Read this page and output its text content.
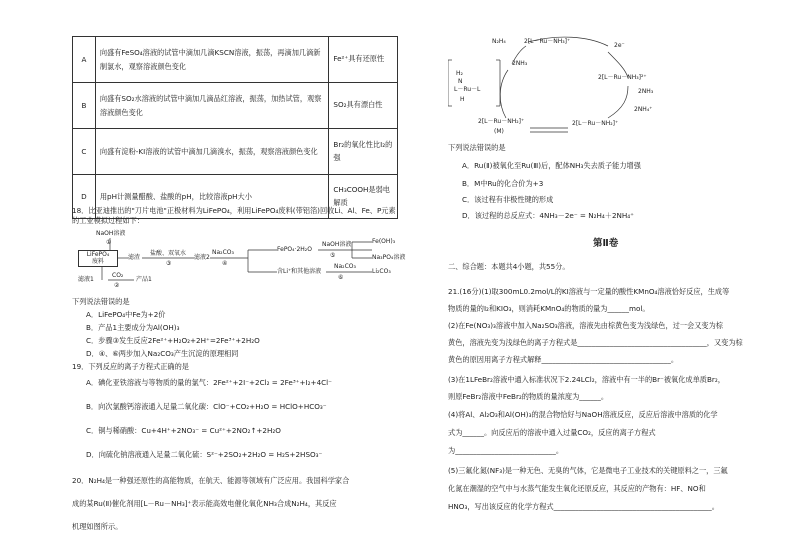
A	向盛有FeSO₄溶液的试管中滴加几滴KSCN溶液，振荡，再滴加几滴新制氯水，观察溶液颜色变化	Fe²⁺具有还原性
B	向盛有SO₂水溶液的试管中滴加几滴品红溶液，振荡，加热试管，观察溶液颜色变化	SO₂具有漂白性
C	向盛有淀粉-KI溶液的试管中滴加几滴溴水，振荡，观察溶液颜色变化	Br₂的氧化性比I₂的强
D	用pH计测量醋酸、盐酸的pH，比较溶液pH大小	CH₃COOH是弱电解质
18．比亚迪推出的"刀片电池"正极材料为LiFePO₄，利用LiFePO₄废料(带铝箔)回收Li、Al、Fe、P元素的工业模拟过程如下：
NaOH溶液
①
LiFePO₄
废料
滤渣
盐酸、双氧水
③
滤液2
Na₂CO₃
④
FePO₄·2H₂O
NaOH溶液
⑤
Fe(OH)₃
Na₃PO₄溶液
含Li⁺和其他溶液
Na₂CO₃
⑥
Li₂CO₃
滤液1
CO₂
②
产品1
下列说法错误的是
A．LiFePO₄中Fe为+2价
B．产品1主要成分为Al(OH)₃
C．步骤③发生反应2Fe²⁺+H₂O₂+2H⁺=2Fe³⁺+2H₂O
D．④、⑥两步加入Na₂CO₃产生沉淀的原理相同
19．下列反应的离子方程式正确的是
A．碘化亚铁溶液与等物质的量的氯气：2Fe²⁺+2I⁻+2Cl₂ = 2Fe³⁺+I₂+4Cl⁻
B．向次氯酸钙溶液通入足量二氧化碳：ClO⁻+CO₂+H₂O = HClO+HCO₃⁻
C．铜与稀硝酸：Cu+4H⁺+2NO₃⁻ = Cu²⁺+2NO₂↑+2H₂O
D．向硫化钠溶液通入足量二氧化硫：S²⁻+2SO₂+2H₂O = H₂S+2HSO₃⁻
20．N₂H₄是一种强还原性的高能物质，在航天、能源等领域有广泛应用。我国科学家合
成的某Ru(Ⅱ)催化剂用[L－Ru－NH₃]⁺表示能高效电催化氧化NH₃合成N₂H₄，其反应
机理如图所示。
N₂H₄	2[L－Ru－NH₃]⁺
2e⁻
2NH₃
2[L－Ru－NH₃]²⁺
2NH₃
2NH₄⁺
H₂
N
L－Ru－L
H
2[L－Ru－NH₂]⁺
(M)
2[L－Ru－NH₂]⁺
下列说法错误的是
A．Ru(Ⅱ)被氧化至Ru(Ⅲ)后，配体NH₃失去质子能力增强
B．M中Ru的化合价为+3
C．该过程有非极性键的形成
D．该过程的总反应式：4NH₃－2e⁻ = N₂H₄＋2NH₄⁺
第Ⅱ卷
二、综合题：本题共4小题，共55分。
21.(16分)(1)取300mL0.2mol/L的KI溶液与一定量的酸性KMnO₄溶液恰好反应，生成等
物质的量的I₂和KIO₃，则消耗KMnO₄的物质的量为______mol。
(2)在Fe(NO₃)₃溶液中加入Na₂SO₃溶液，溶液先由棕黄色变为浅绿色，过一会又变为棕
黄色，溶液先变为浅绿色的离子方程式是____________________________________，又变为棕
黄色的原因用离子方程式解释____________________________________。
(3)在1LFeBr₂溶液中通入标准状况下2.24LCl₂，溶液中有一半的Br⁻被氧化成单质Br₂，
则原FeBr₂溶液中FeBr₂的物质的量浓度为______。
(4)将Al、Al₂O₃和Al(OH)₃的混合物恰好与NaOH溶液反应，反应后溶液中溶质的化学
式为______。向反应后的溶液中通入过量CO₂，反应的离子方程式
为____________________________。
(5)三氟化氮(NF₃)是一种无色、无臭的气体，它是微电子工业技术的关键原料之一，三氟
化氮在潮湿的空气中与水蒸气能发生氧化还原反应，其反应的产物有：HF、NO和
HNO₃，写出该反应的化学方程式____________________________________________。
